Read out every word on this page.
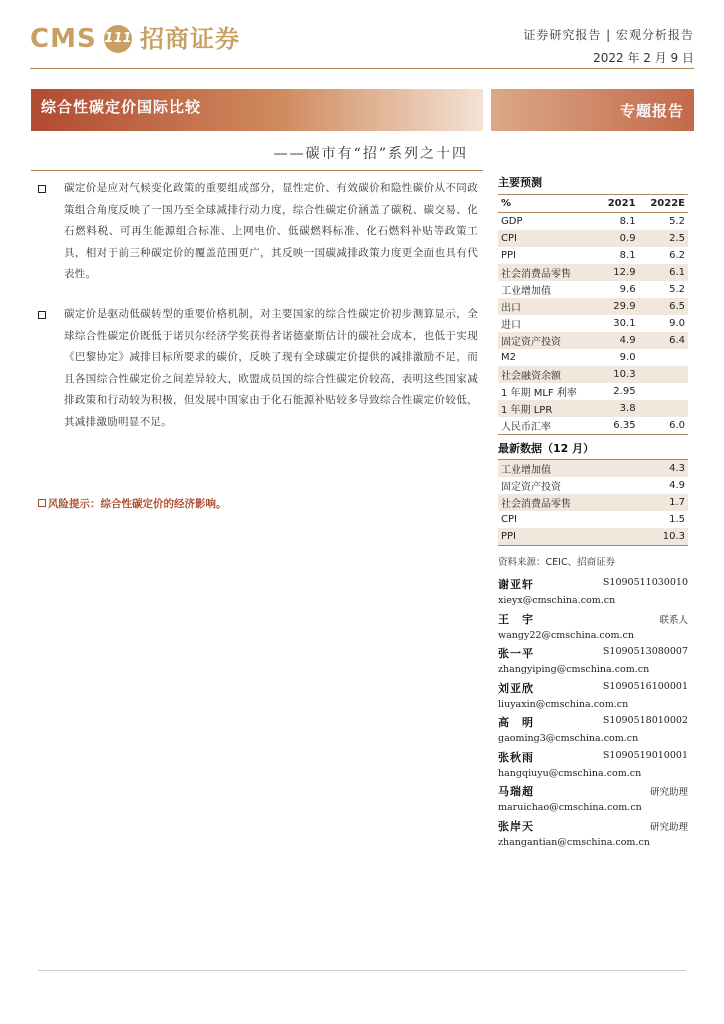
CMS 111 招商证券	证券研究报告 | 宏观分析报告
2022 年 2 月 9 日
综合性碳定价国际比较	专题报告
——碳市有“招”系列之十四
碳定价是应对气候变化政策的重要组成部分，显性定价、有效碳价和隐性碳价从不同政策组合角度反映了一国乃至全球减排行动力度，综合性碳定价涵盖了碳税、碳交易、化石燃料税、可再生能源组合标准、上网电价、低碳燃料标准、化石燃料补贴等政策工具，相对于前三种碳定价的覆盖范围更广，其反映一国碳减排政策力度更全面也具有代表性。
碳定价是驱动低碳转型的重要价格机制，对主要国家的综合性碳定价初步测算显示，全球综合性碳定价既低于诺贝尔经济学奖获得者诺德豪斯估计的碳社会成本，也低于实现《巴黎协定》减排目标所要求的碳价，反映了现有全球碳定价提供的减排激励不足，而且各国综合性碳定价之间差异较大，欧盟成员国的综合性碳定价较高，表明这些国家减排政策和行动较为积极，但发展中国家由于化石能源补贴较多导致综合性碳定价较低，其减排激励明显不足。
风险提示：综合性碳定价的经济影响。
主要预测
%	2021	2022E
GDP	8.1	5.2
CPI	0.9	2.5
PPI	8.1	6.2
社会消费品零售	12.9	6.1
工业增加值	9.6	5.2
出口	29.9	6.5
进口	30.1	9.0
固定资产投资	4.9	6.4
M2	9.0	
社会融资余额	10.3	
1 年期 MLF 利率	2.95	
1 年期 LPR	3.8	
人民币汇率	6.35	6.0
最新数据（12 月）
工业增加值	4.3
固定资产投资	4.9
社会消费品零售	1.7
CPI	1.5
PPI	10.3
资料来源：CEIC、招商证券
谢亚轩	S1090511030010
xieyx@cmschina.com.cn
王　宇	联系人
wangy22@cmschina.com.cn
张一平	S1090513080007
zhangyiping@cmschina.com.cn
刘亚欣	S1090516100001
liuyaxin@cmschina.com.cn
高　明	S1090518010002
gaoming3@cmschina.com.cn
张秋雨	S1090519010001
hangqiuyu@cmschina.com.cn
马瑞超	研究助理
maruichao@cmschina.com.cn
张岸天	研究助理
zhangantian@cmschina.com.cn
